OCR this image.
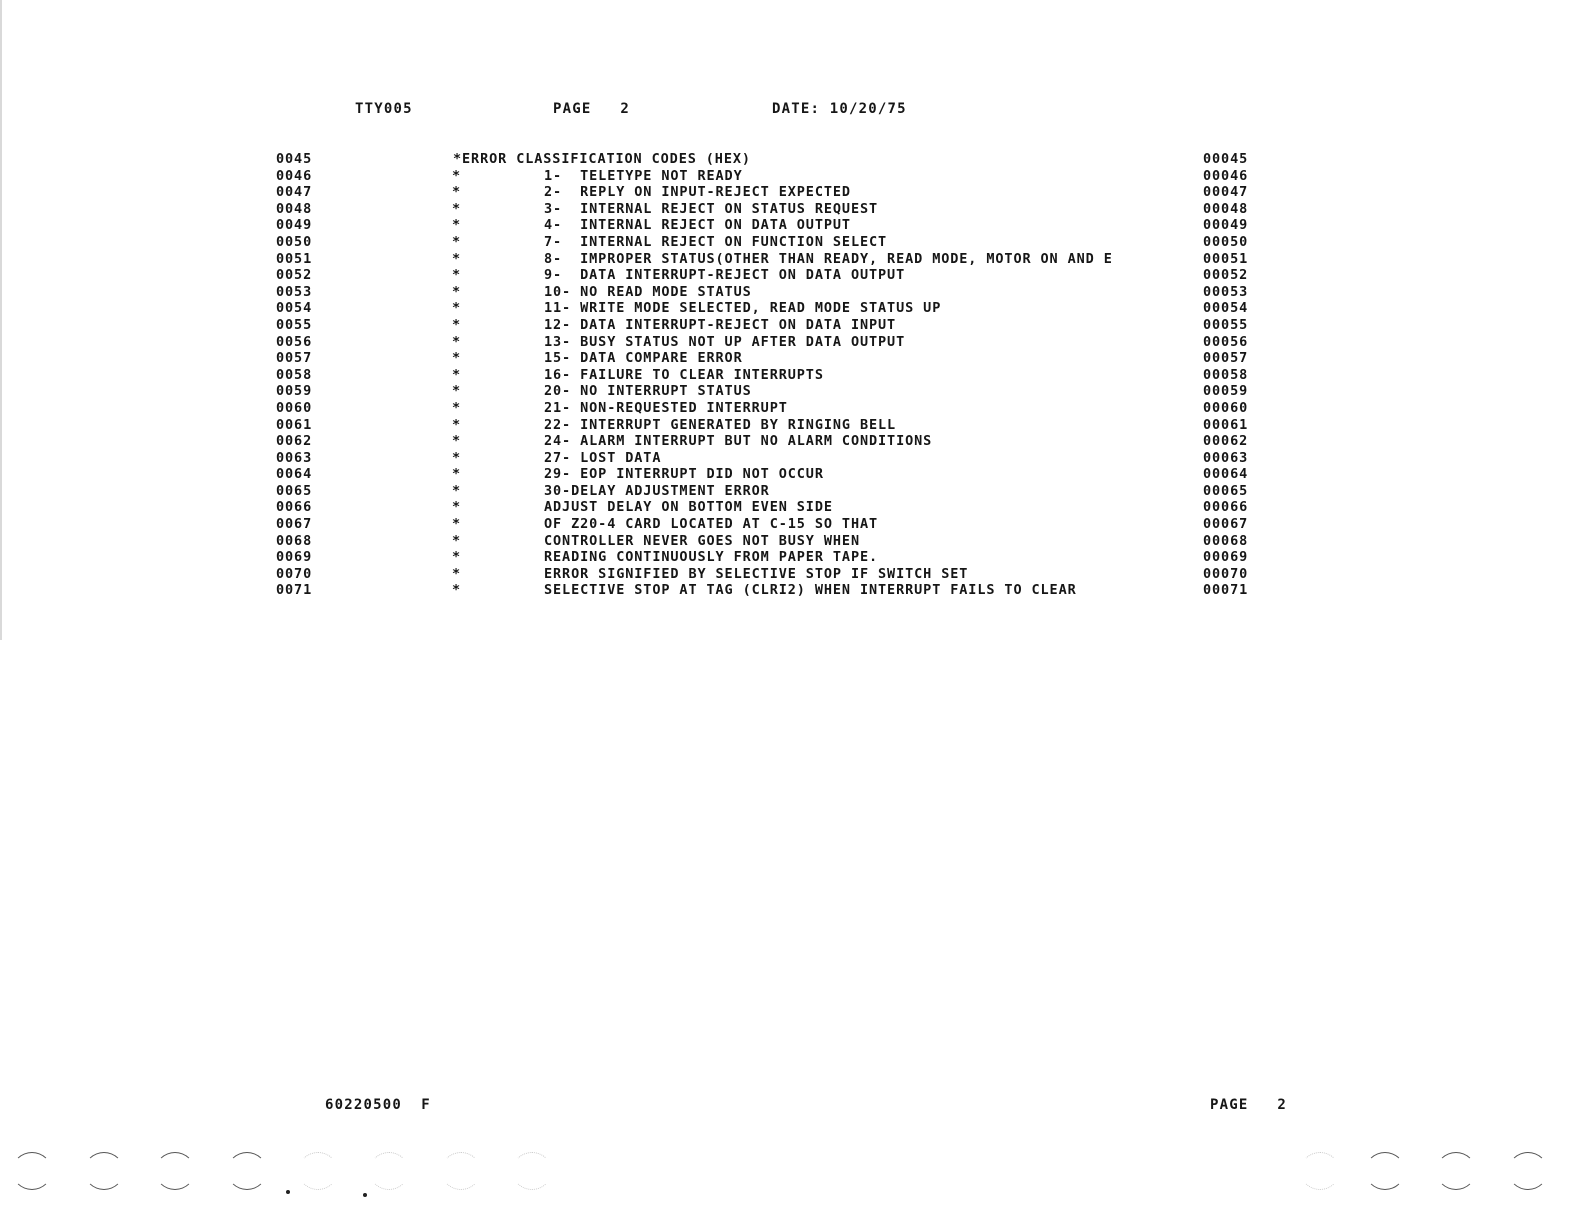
TTY005	PAGE   2	DATE: 10/20/75
0045	*ERROR CLASSIFICATION CODES (HEX)	00045
0046	*	1-  TELETYPE NOT READY	00046
0047	*	2-  REPLY ON INPUT-REJECT EXPECTED	00047
0048	*	3-  INTERNAL REJECT ON STATUS REQUEST	00048
0049	*	4-  INTERNAL REJECT ON DATA OUTPUT	00049
0050	*	7-  INTERNAL REJECT ON FUNCTION SELECT	00050
0051	*	8-  IMPROPER STATUS(OTHER THAN READY, READ MODE, MOTOR ON AND E	00051
0052	*	9-  DATA INTERRUPT-REJECT ON DATA OUTPUT	00052
0053	*	10- NO READ MODE STATUS	00053
0054	*	11- WRITE MODE SELECTED, READ MODE STATUS UP	00054
0055	*	12- DATA INTERRUPT-REJECT ON DATA INPUT	00055
0056	*	13- BUSY STATUS NOT UP AFTER DATA OUTPUT	00056
0057	*	15- DATA COMPARE ERROR	00057
0058	*	16- FAILURE TO CLEAR INTERRUPTS	00058
0059	*	20- NO INTERRUPT STATUS	00059
0060	*	21- NON-REQUESTED INTERRUPT	00060
0061	*	22- INTERRUPT GENERATED BY RINGING BELL	00061
0062	*	24- ALARM INTERRUPT BUT NO ALARM CONDITIONS	00062
0063	*	27- LOST DATA	00063
0064	*	29- EOP INTERRUPT DID NOT OCCUR	00064
0065	*	30-DELAY ADJUSTMENT ERROR	00065
0066	*	ADJUST DELAY ON BOTTOM EVEN SIDE	00066
0067	*	OF Z20-4 CARD LOCATED AT C-15 SO THAT	00067
0068	*	CONTROLLER NEVER GOES NOT BUSY WHEN	00068
0069	*	READING CONTINUOUSLY FROM PAPER TAPE.	00069
0070	*	ERROR SIGNIFIED BY SELECTIVE STOP IF SWITCH SET	00070
0071	*	SELECTIVE STOP AT TAG (CLRI2) WHEN INTERRUPT FAILS TO CLEAR	00071
60220500  F	PAGE   2
